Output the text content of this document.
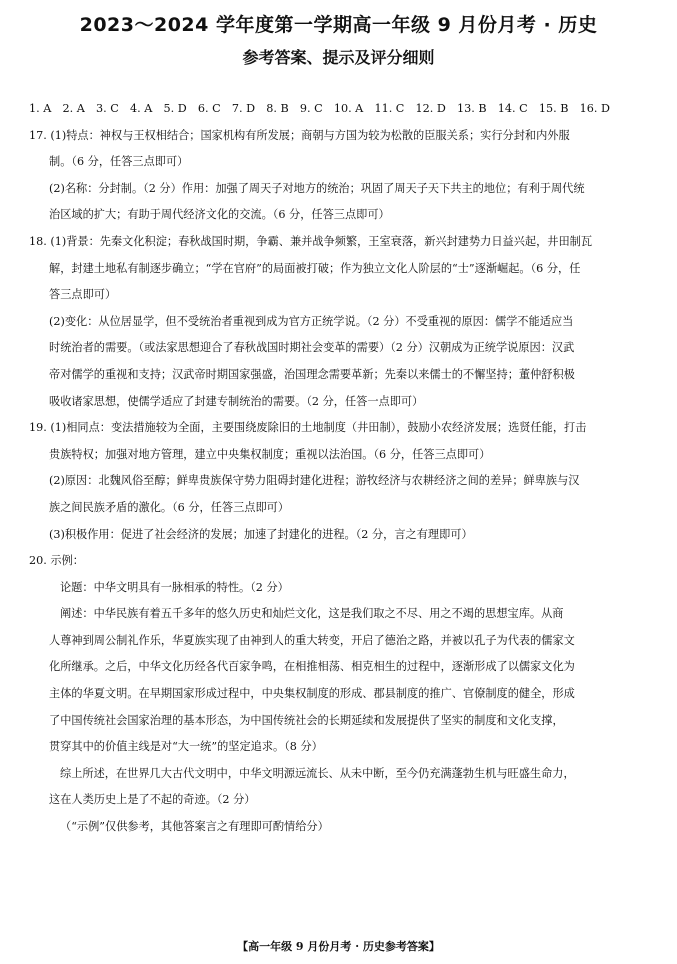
2023～2024 学年度第一学期高一年级 9 月份月考 · 历史
参考答案、提示及评分细则
1. A　2. A　3. C　4. A　5. D　6. C　7. D　8. B　9. C　10. A　11. C　12. D　13. B　14. C　15. B　16. D
17. (1)特点：神权与王权相结合；国家机构有所发展；商朝与方国为较为松散的臣服关系；实行分封和内外服
制。（6 分，任答三点即可）
(2)名称：分封制。（2 分）作用：加强了周天子对地方的统治；巩固了周天子天下共主的地位；有利于周代统
治区域的扩大；有助于周代经济文化的交流。（6 分，任答三点即可）
18. (1)背景：先秦文化积淀；春秋战国时期，争霸、兼并战争频繁，王室衰落，新兴封建势力日益兴起，井田制瓦
解，封建土地私有制逐步确立；“学在官府”的局面被打破；作为独立文化人阶层的“士”逐渐崛起。（6 分，任
答三点即可）
(2)变化：从位居显学，但不受统治者重视到成为官方正统学说。（2 分）不受重视的原因：儒学不能适应当
时统治者的需要。（或法家思想迎合了春秋战国时期社会变革的需要）（2 分）汉朝成为正统学说原因：汉武
帝对儒学的重视和支持；汉武帝时期国家强盛，治国理念需要革新；先秦以来儒士的不懈坚持；董仲舒积极
吸收诸家思想，使儒学适应了封建专制统治的需要。（2 分，任答一点即可）
19. (1)相同点：变法措施较为全面，主要围绕废除旧的土地制度（井田制），鼓励小农经济发展；选贤任能，打击
贵族特权；加强对地方管理，建立中央集权制度；重视以法治国。（6 分，任答三点即可）
(2)原因：北魏风俗至醇；鲜卑贵族保守势力阻碍封建化进程；游牧经济与农耕经济之间的差异；鲜卑族与汉
族之间民族矛盾的激化。（6 分，任答三点即可）
(3)积极作用：促进了社会经济的发展；加速了封建化的进程。（2 分，言之有理即可）
20. 示例：
论题：中华文明具有一脉相承的特性。（2 分）
阐述：中华民族有着五千多年的悠久历史和灿烂文化，这是我们取之不尽、用之不竭的思想宝库。从商
人尊神到周公制礼作乐，华夏族实现了由神到人的重大转变，开启了德治之路，并被以孔子为代表的儒家文
化所继承。之后，中华文化历经各代百家争鸣，在相推相荡、相克相生的过程中，逐渐形成了以儒家文化为
主体的华夏文明。在早期国家形成过程中，中央集权制度的形成、郡县制度的推广、官僚制度的健全，形成
了中国传统社会国家治理的基本形态，为中国传统社会的长期延续和发展提供了坚实的制度和文化支撑，
贯穿其中的价值主线是对“大一统”的坚定追求。（8 分）
综上所述，在世界几大古代文明中，中华文明源远流长、从未中断，至今仍充满蓬勃生机与旺盛生命力，
这在人类历史上是了不起的奇迹。（2 分）
（“示例”仅供参考，其他答案言之有理即可酌情给分）
【高一年级 9 月份月考 · 历史参考答案】
